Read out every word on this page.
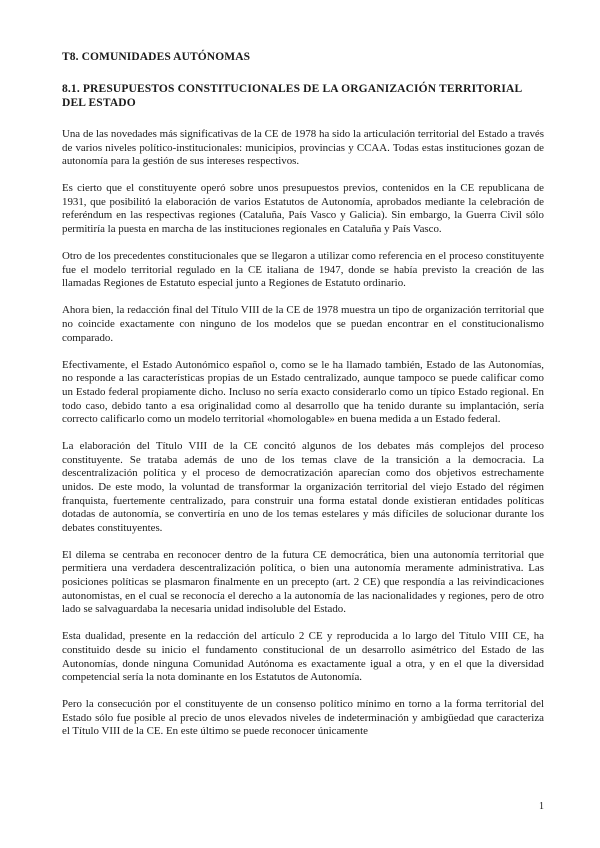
T8. COMUNIDADES AUTÓNOMAS
8.1. PRESUPUESTOS CONSTITUCIONALES DE LA ORGANIZACIÓN TERRITORIAL DEL ESTADO

Una de las novedades más significativas de la CE de 1978 ha sido la articulación territorial del Estado a través de varios niveles político-institucionales: municipios, provincias y CCAA. Todas estas instituciones gozan de autonomía para la gestión de sus intereses respectivos.

Es cierto que el constituyente operó sobre unos presupuestos previos, contenidos en la CE republicana de 1931, que posibilitó la elaboración de varios Estatutos de Autonomía, aprobados mediante la celebración de referéndum en las respectivas regiones (Cataluña, País Vasco y Galicia). Sin embargo, la Guerra Civil sólo permitiría la puesta en marcha de las instituciones regionales en Cataluña y País Vasco.

Otro de los precedentes constitucionales que se llegaron a utilizar como referencia en el proceso constituyente fue el modelo territorial regulado en la CE italiana de 1947, donde se había previsto la creación de las llamadas Regiones de Estatuto especial junto a Regiones de Estatuto ordinario.

Ahora bien, la redacción final del Título VIII de la CE de 1978 muestra un tipo de organización territorial que no coincide exactamente con ninguno de los modelos que se puedan encontrar en el constitucionalismo comparado.

Efectivamente, el Estado Autonómico español o, como se le ha llamado también, Estado de las Autonomías, no responde a las características propias de un Estado centralizado, aunque tampoco se puede calificar como un Estado federal propiamente dicho. Incluso no sería exacto considerarlo como un típico Estado regional. En todo caso, debido tanto a esa originalidad como al desarrollo que ha tenido durante su implantación, sería correcto calificarlo como un modelo territorial «homologable» en buena medida a un Estado federal.

La elaboración del Título VIII de la CE concitó algunos de los debates más complejos del proceso constituyente. Se trataba además de uno de los temas clave de la transición a la democracia. La descentralización política y el proceso de democratización aparecían como dos objetivos estrechamente unidos. De este modo, la voluntad de transformar la organización territorial del viejo Estado del régimen franquista, fuertemente centralizado, para construir una forma estatal donde existieran entidades políticas dotadas de autonomía, se convertiría en uno de los temas estelares y más difíciles de solucionar durante los debates constituyentes.

El dilema se centraba en reconocer dentro de la futura CE democrática, bien una autonomía territorial que permitiera una verdadera descentralización política, o bien una autonomía meramente administrativa. Las posiciones políticas se plasmaron finalmente en un precepto (art. 2 CE) que respondía a las reivindicaciones autonomistas, en el cual se reconocía el derecho a la autonomía de las nacionalidades y regiones, pero de otro lado se salvaguardaba la necesaria unidad indisoluble del Estado.

Esta dualidad, presente en la redacción del artículo 2 CE y reproducida a lo largo del Título VIII CE, ha constituido desde su inicio el fundamento constitucional de un desarrollo asimétrico del Estado de las Autonomías, donde ninguna Comunidad Autónoma es exactamente igual a otra, y en el que la diversidad competencial sería la nota dominante en los Estatutos de Autonomía.

Pero la consecución por el constituyente de un consenso político mínimo en torno a la forma territorial del Estado sólo fue posible al precio de unos elevados niveles de indeterminación y ambigüedad que caracteriza el Título VIII de la CE. En este último se puede reconocer únicamente

1
